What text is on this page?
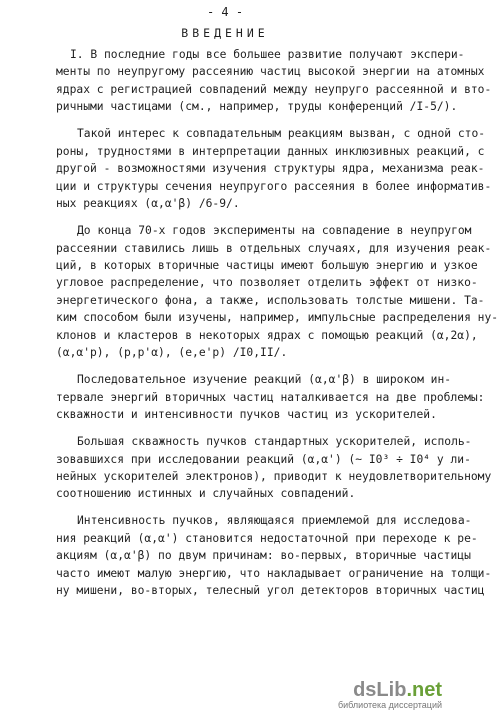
- 4 -
ВВЕДЕНИЕ
I. В последние годы все большее развитие получают экспери-
менты по неупругому рассеянию частиц высокой энергии на атомных
ядрах с регистрацией совпадений между неупруго рассеянной и вто-
ричными частицами (см., например, труды конференций /I-5/).
Такой интерес к совпадательным реакциям вызван, с одной сто-
роны, трудностями в интерпретации данных инклюзивных реакций, с
другой - возможностями изучения структуры ядра, механизма реак-
ции и структуры сечения неупругого рассеяния в более информатив-
ных реакциях (α,α'β) /6-9/.
До конца 70-х годов эксперименты на совпадение в неупругом
рассеянии ставились лишь в отдельных случаях, для изучения реак-
ций, в которых вторичные частицы имеют большую энергию и узкое
угловое распределение, что позволяет отделить эффект от низко-
энергетического фона, а также, использовать толстые мишени. Та-
ким способом были изучены, например, импульсные распределения ну-
клонов и кластеров в некоторых ядрах с помощью реакций (α,2α),
(α,α'p), (p,p'α), (e,e'p) /I0,II/.
Последовательное изучение реакций (α,α'β) в широком ин-
тервале энергий вторичных частиц наталкивается на две проблемы:
скважности и интенсивности пучков частиц из ускорителей.
Большая скважность пучков стандартных ускорителей, исполь-
зовавшихся при исследовании реакций (α,α') (~ I0³ ÷ I0⁴ у ли-
нейных ускорителей электронов), приводит к неудовлетворительному
соотношению истинных и случайных совпадений.
Интенсивность пучков, являющаяся приемлемой для исследова-
ния реакций (α,α') становится недостаточной при переходе к ре-
акциям (α,α'β) по двум причинам: во-первых, вторичные частицы
часто имеют малую энергию, что накладывает ограничение на толщи-
ну мишени, во-вторых, телесный угол детекторов вторичных частиц
dsLib.net
библиотека диссертаций
